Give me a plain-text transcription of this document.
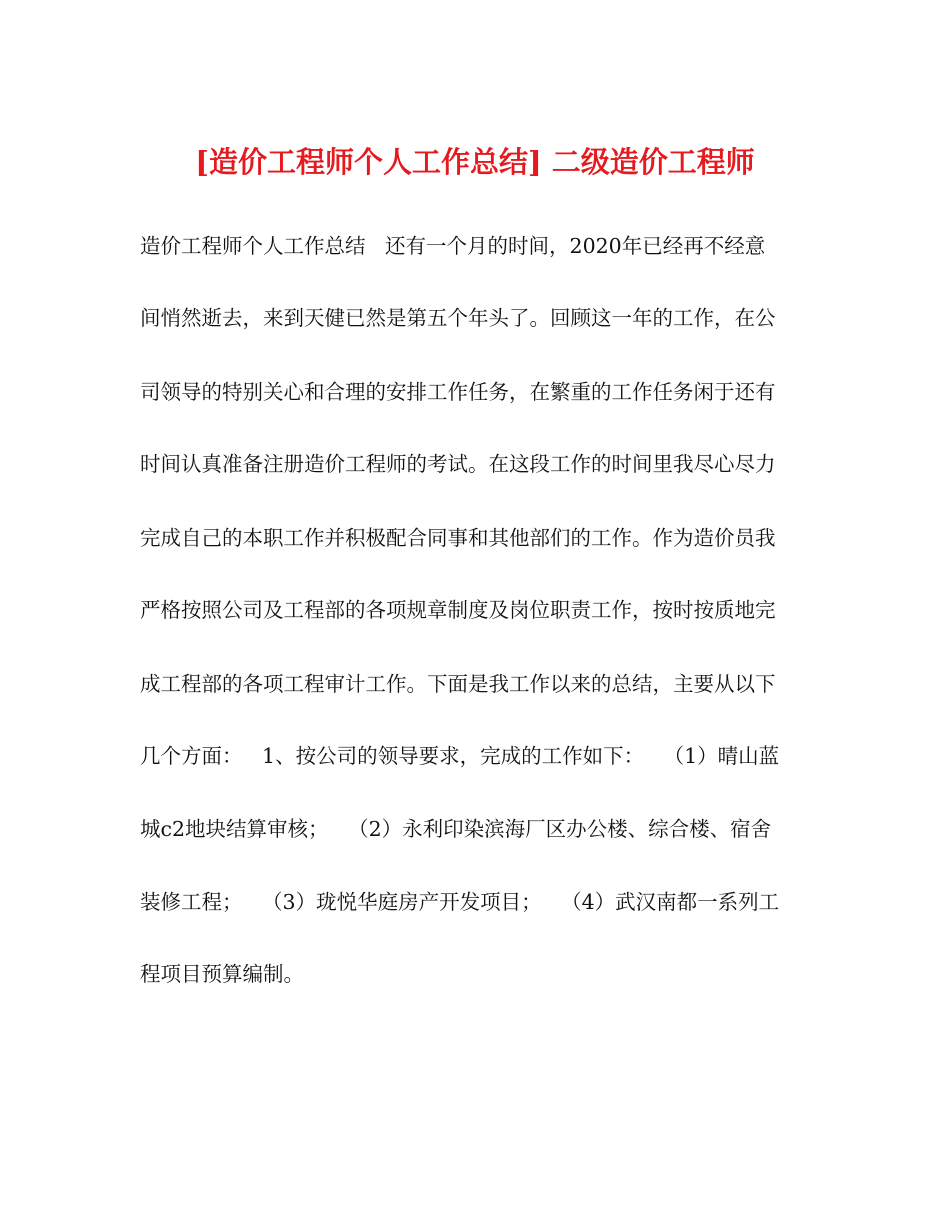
[造价工程师个人工作总结] 二级造价工程师
造价工程师个人工作总结   还有一个月的时间，2020年已经再不经意
间悄然逝去，来到天健已然是第五个年头了。回顾这一年的工作，在公
司领导的特别关心和合理的安排工作任务，在繁重的工作任务闲于还有
时间认真准备注册造价工程师的考试。在这段工作的时间里我尽心尽力
完成自己的本职工作并积极配合同事和其他部们的工作。作为造价员我
严格按照公司及工程部的各项规章制度及岗位职责工作，按时按质地完
成工程部的各项工程审计工作。下面是我工作以来的总结，主要从以下
几个方面：   1、按公司的领导要求，完成的工作如下：   （1）晴山蓝
城c2地块结算审核；   （2）永利印染滨海厂区办公楼、综合楼、宿舍
装修工程；   （3）珑悦华庭房产开发项目；   （4）武汉南都一系列工
程项目预算编制。
